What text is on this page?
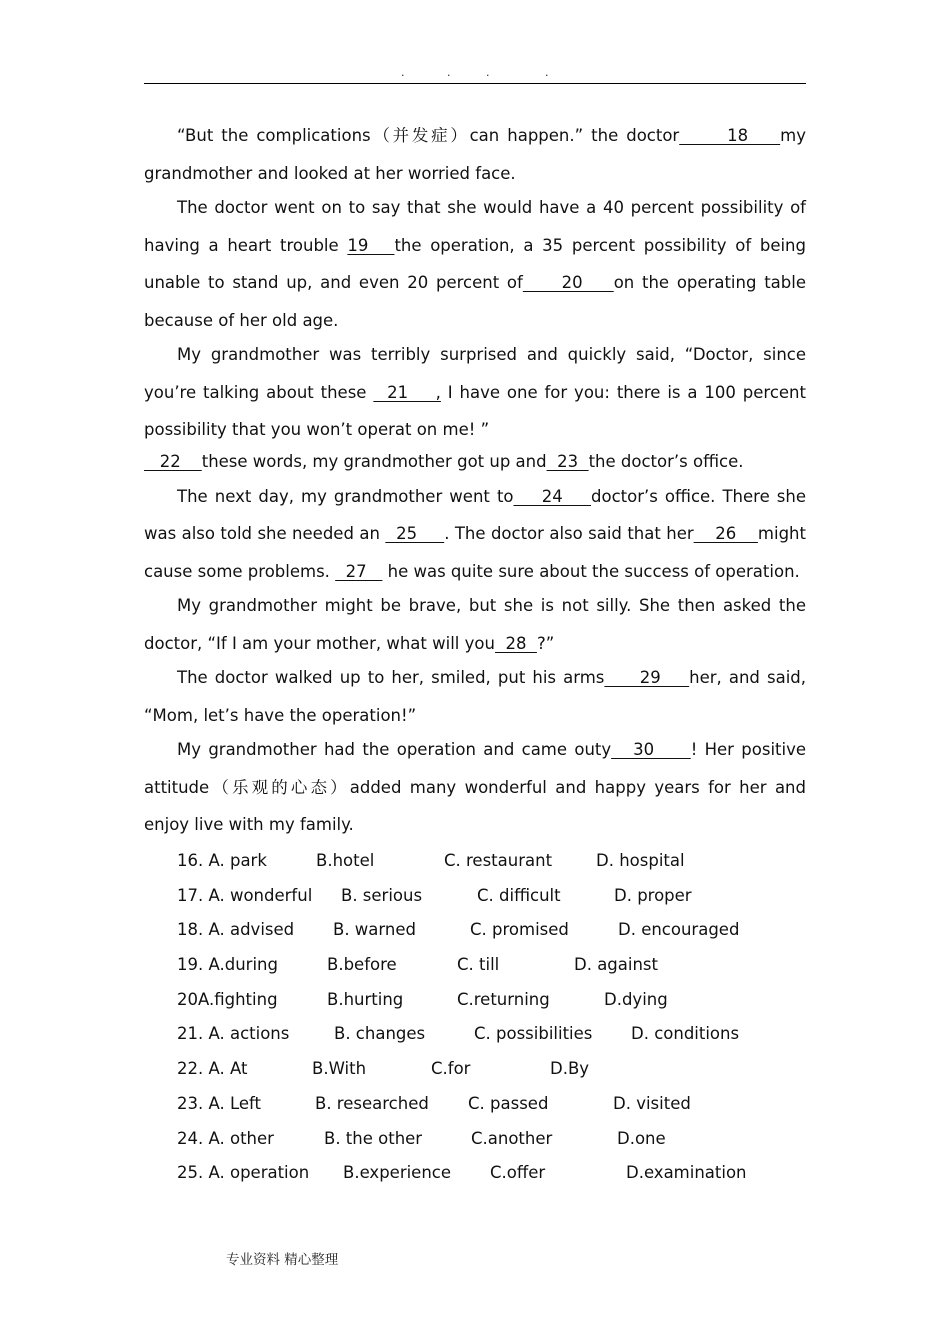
.	.	.	.

“But the complications（并发症）can happen.” the doctor      18    my grandmother and looked at her worried face.

The doctor went on to say that she would have a 40 percent possibility of having a heart trouble 19   the operation, a 35 percent possibility of being unable to stand up, and even 20 percent of     20    on the operating table because of her old age.

My grandmother was terribly surprised and quickly said, “Doctor, since you’re talking about these   21    , I have one for you: there is a 100 percent possibility that you won’t operat on me! ”

22    these words, my grandmother got up and  23  the doctor’s office.

The next day, my grandmother went to    24    doctor’s office. There she was also told she needed an   25     . The doctor also said that her    26    might cause some problems.   27    he was quite sure about the success of operation.

My grandmother might be brave, but she is not silly. She then asked the doctor, “If I am your mother, what will you  28  ?”

The doctor walked up to her, smiled, put his arms     29    her, and said, “Mom, let’s have the operation!”

My grandmother had the operation and came outy   30     ! Her positive attitude（乐观的心态）added many wonderful and happy years for her and enjoy live with my family.

16. A. park	B.hotel	C. restaurant	D. hospital
17. A. wonderful B. serious	C. difficult	D. proper
18. A. advised B. warned	C. promised	D. encouraged
19. A.during	B.before	C. till	D. against
20A.fighting	B.hurting	C.returning	D.dying
21. A. actions	B. changes	C. possibilities D. conditions
22. A. At	B.With	C.for	D.By
23. A. Left	B. researched C. passed	D. visited
24. A. other	B. the other	C.another	D.one
25. A. operation B.experience C.offer	D.examination
专业资料 精心整理
